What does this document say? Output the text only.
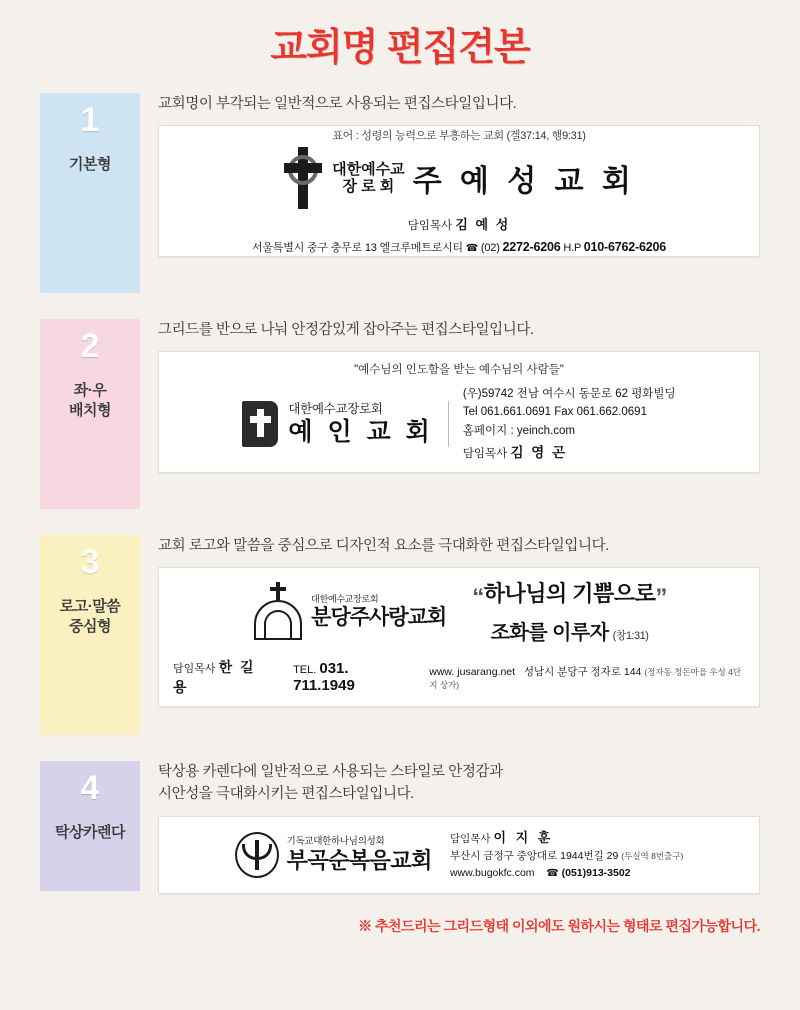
교회명 편집견본
1
기본형
교회명이 부각되는 일반적으로 사용되는 편집스타일입니다.
표어 : 성령의 능력으로 부흥하는 교회 (겔37:14, 행9:31)
대한예수교
장 로 회 주 예 성 교 회
담임목사 김 예 성
서울특별시 중구 충무로 13 엘크루메트로시티 ☎ (02) 2272-6206 H.P 010-6762-6206
2
좌·우
배치형
그리드를 반으로 나눠 안정감있게 잡아주는 편집스타일입니다.
"예수님의 인도함을 받는 예수님의 사람들"
대한예수교장로회
예 인 교 회
(우)59742 전남 여수시 동문로 62 평화빌딩
Tel 061.661.0691 Fax 061.662.0691
홈페이지 : yeinch.com
담임목사 김 영 곤
3
로고·말씀
중심형
교회 로고와 말씀을 중심으로 디자인적 요소를 극대화한 편집스타일입니다.
대한예수교장로회
분당주사랑교회
“하나님의 기쁨으로”
조화를 이루자 (창1:31)
담임목사 한 길 용
TEL. 031. 711.1949
www. jusarang.net 성남시 분당구 정자로 144 (정자동 청돈마을 우성 4단지 상가)
4
탁상카렌다
탁상용 카렌다에 일반적으로 사용되는 스타일로 안정감과
시안성을 극대화시키는 편집스타일입니다.
기독교대한하나님의성회
부곡순복음교회
담임목사 이 지 훈
부산시 금정구 중앙대로 1944번길 29 (두실역 8번출구)
www.bugokfc.com ☎ (051)913-3502
※ 추천드리는 그리드형태 이외에도 원하시는 형태로 편집가능합니다.
